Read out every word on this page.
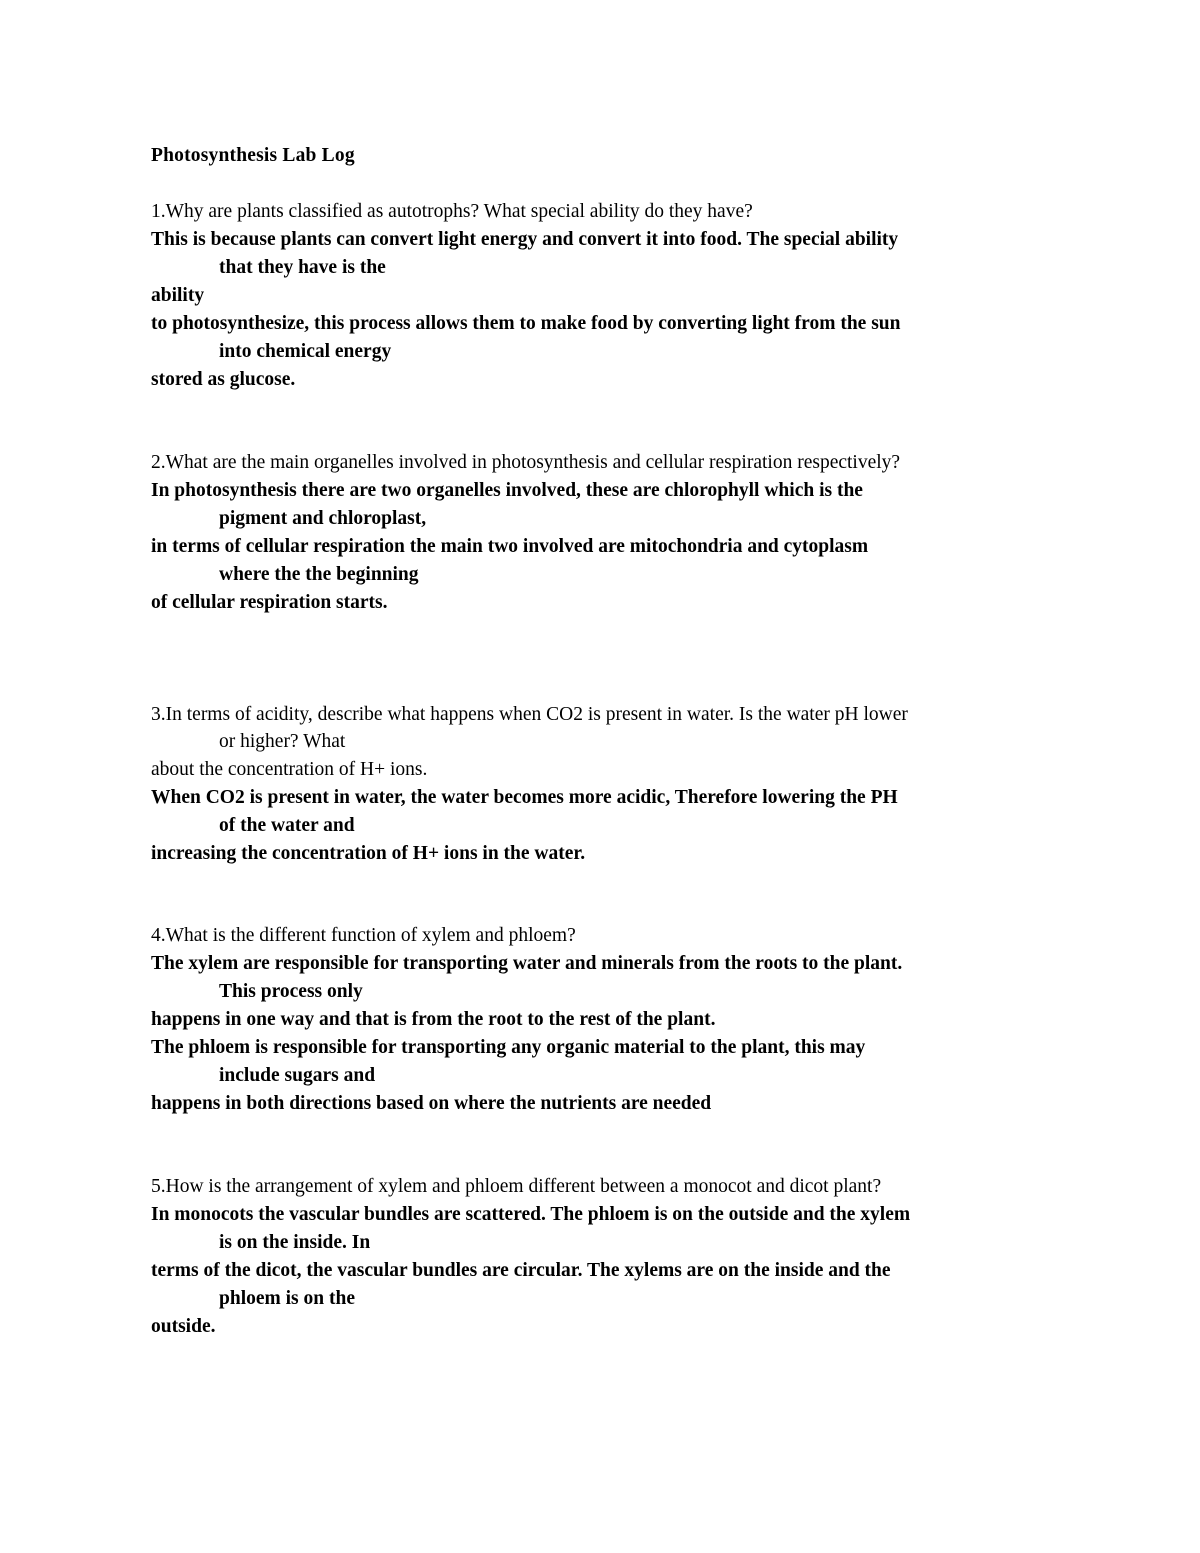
Photosynthesis Lab Log
1.Why are plants classified as autotrophs? What special ability do they have?
This is because plants can convert light energy and convert it into food. The special ability
that they have is the
ability
to photosynthesize, this process allows them to make food by converting light from the sun
into chemical energy
stored as glucose.
2.What are the main organelles involved in photosynthesis and cellular respiration respectively?
In photosynthesis there are two organelles involved, these are chlorophyll which is the
pigment and chloroplast,
in terms of cellular respiration the main two involved are mitochondria and cytoplasm
where the the beginning
of cellular respiration starts.
3.In terms of acidity, describe what happens when CO2 is present in water. Is the water pH lower
or higher? What
about the concentration of H+ ions.
When CO2 is present in water, the water becomes more acidic, Therefore lowering the PH
of the water and
increasing the concentration of H+ ions in the water.
4.What is the different function of xylem and phloem?
The xylem are responsible for transporting water and minerals from the roots to the plant.
This process only
happens in one way and that is from the root to the rest of the plant.
The phloem is responsible for transporting any organic material to the plant, this may
include sugars and
happens in both directions based on where the nutrients are needed
5.How is the arrangement of xylem and phloem different between a monocot and dicot plant?
In monocots the vascular bundles are scattered. The phloem is on the outside and the xylem
is on the inside. In
terms of the dicot, the vascular bundles are circular. The xylems are on the inside and the
phloem is on the
outside.
